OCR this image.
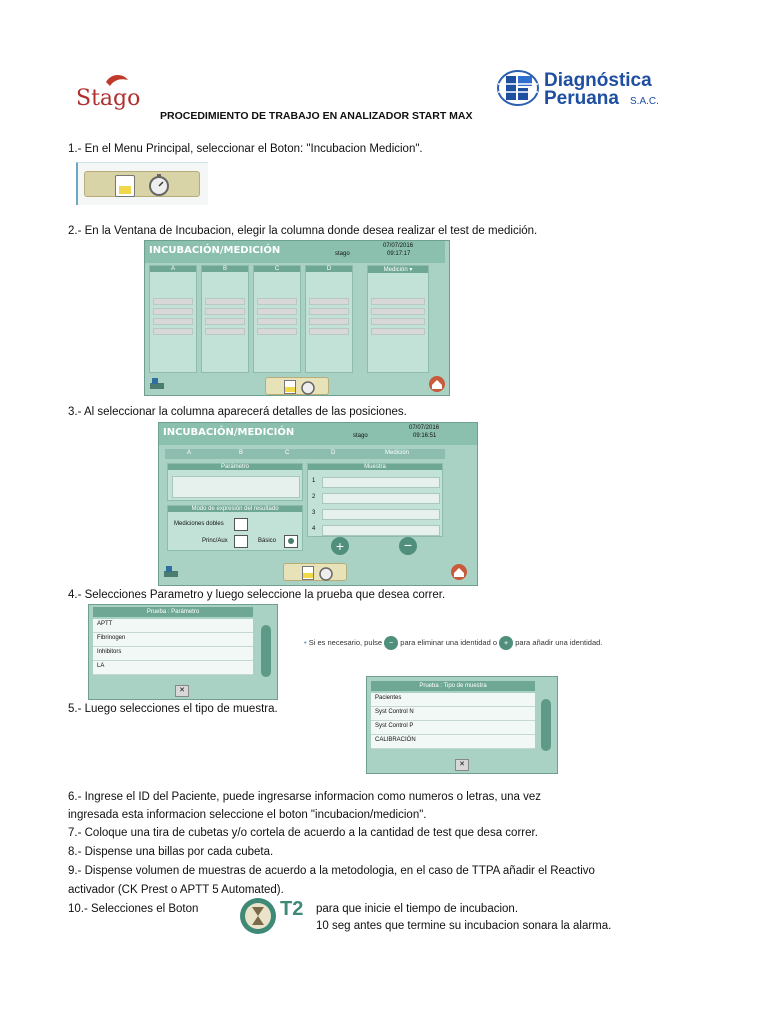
Stago
PROCEDIMIENTO DE TRABAJO EN ANALIZADOR START MAX
Diagnóstica
Peruana S.A.C.
1.- En el Menu Principal, seleccionar el Boton: "Incubacion Medicion".
2.- En la Ventana de Incubacion, elegir la columna donde desea realizar el test de medición.
INCUBACIÓN/MEDICIÓN	stago
07/07/2016
09:17:17
A	B	C	D	Medición ▾
3.- Al seleccionar la columna aparecerá detalles de las posiciones.
INCUBACIÓN/MEDICIÓN	stago
07/07/2016
09:16:51
A	B	C	D	Medición
Parámetro	Muestra
1
2
3
4
Modo de expresión del resultado
Mediciones dobles
Princ/Aux	Básico	+	−
4.- Selecciones Parametro y luego seleccione la prueba que desea correr.
Prueba : Parámetro
APTT
Fibrinogen
Inhibitors
LA
✕
• Si es necesario, pulse − para eliminar una identidad o + para añadir una identidad.
5.- Luego selecciones el tipo de muestra.
Prueba : Tipo de muestra
Pacientes
Syst Control N
Syst Control P
CALIBRACIÓN
✕
6.- Ingrese el ID del Paciente, puede ingresarse informacion como numeros o letras, una vez
ingresada esta informacion seleccione el boton "incubacion/medicion".
7.- Coloque una tira de cubetas y/o cortela de acuerdo a la cantidad de test que desa correr.
8.- Dispense una billas por cada cubeta.
9.- Dispense volumen de muestras de acuerdo a la metodologia, en el caso de TTPA añadir el Reactivo
activador (CK Prest o APTT 5 Automated).
10.- Selecciones el Boton	T2 para que inicie el tiempo de incubacion.
10 seg antes que termine su incubacion sonara la alarma.
